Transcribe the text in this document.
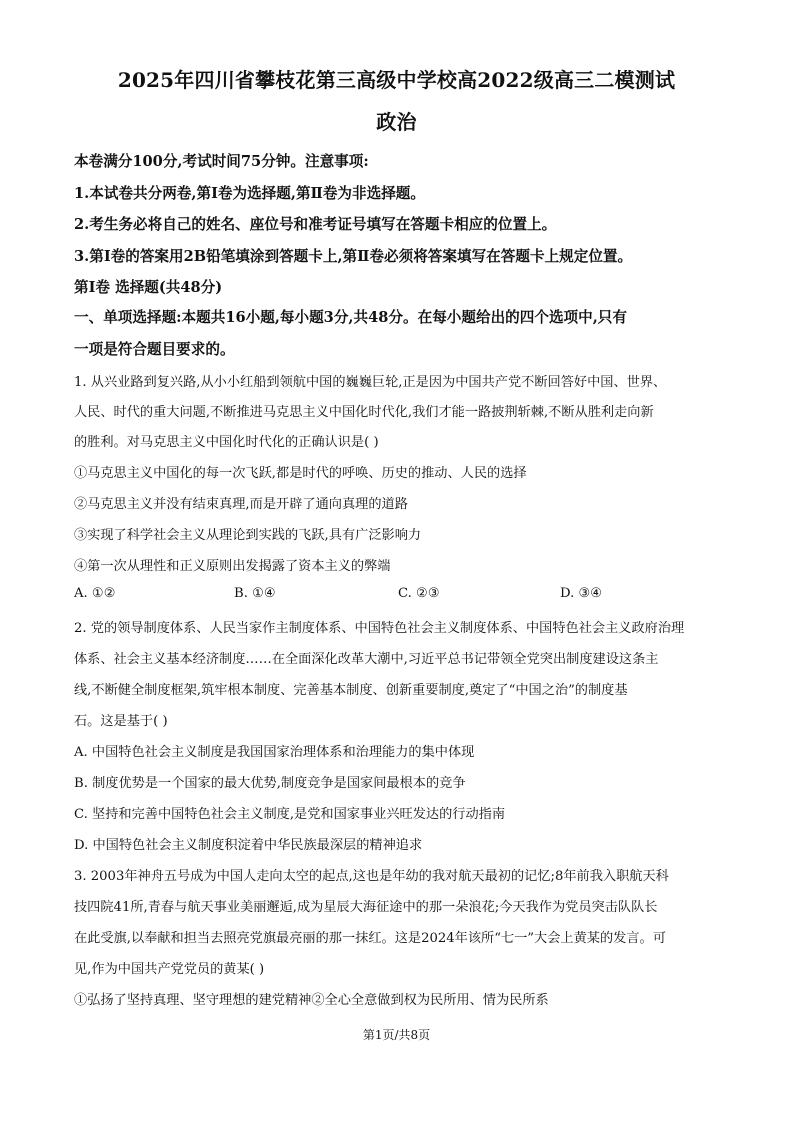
2025年四川省攀枝花第三高级中学校高2022级高三二模测试
政治
本卷满分100分,考试时间75分钟。注意事项:
1.本试卷共分两卷,第Ⅰ卷为选择题,第Ⅱ卷为非选择题。
2.考生务必将自己的姓名、座位号和准考证号填写在答题卡相应的位置上。
3.第Ⅰ卷的答案用2B铅笔填涂到答题卡上,第Ⅱ卷必须将答案填写在答题卡上规定位置。
第Ⅰ卷 选择题(共48分)
一、单项选择题:本题共16小题,每小题3分,共48分。在每小题给出的四个选项中,只有
一项是符合题目要求的。
1. 从兴业路到复兴路,从小小红船到领航中国的巍巍巨轮,正是因为中国共产党不断回答好中国、世界、
人民、时代的重大问题,不断推进马克思主义中国化时代化,我们才能一路披荆斩棘,不断从胜利走向新
的胜利。对马克思主义中国化时代化的正确认识是( )
①马克思主义中国化的每一次飞跃,都是时代的呼唤、历史的推动、人民的选择
②马克思主义并没有结束真理,而是开辟了通向真理的道路
③实现了科学社会主义从理论到实践的飞跃,具有广泛影响力
④第一次从理性和正义原则出发揭露了资本主义的弊端
A. ①②	B. ①④	C. ②③	D. ③④
2. 党的领导制度体系、人民当家作主制度体系、中国特色社会主义制度体系、中国特色社会主义政府治理
体系、社会主义基本经济制度……在全面深化改革大潮中,习近平总书记带领全党突出制度建设这条主
线,不断健全制度框架,筑牢根本制度、完善基本制度、创新重要制度,奠定了“中国之治”的制度基
石。这是基于( )
A. 中国特色社会主义制度是我国国家治理体系和治理能力的集中体现
B. 制度优势是一个国家的最大优势,制度竞争是国家间最根本的竞争
C. 坚持和完善中国特色社会主义制度,是党和国家事业兴旺发达的行动指南
D. 中国特色社会主义制度积淀着中华民族最深层的精神追求
3. 2003年神舟五号成为中国人走向太空的起点,这也是年幼的我对航天最初的记忆;8年前我入职航天科
技四院41所,青春与航天事业美丽邂逅,成为星辰大海征途中的那一朵浪花;今天我作为党员突击队队长
在此受旗,以奉献和担当去照亮党旗最亮丽的那一抹红。这是2024年该所“七一”大会上黄某的发言。可
见,作为中国共产党党员的黄某( )
①弘扬了坚持真理、坚守理想的建党精神②全心全意做到权为民所用、情为民所系
第1页/共8页
